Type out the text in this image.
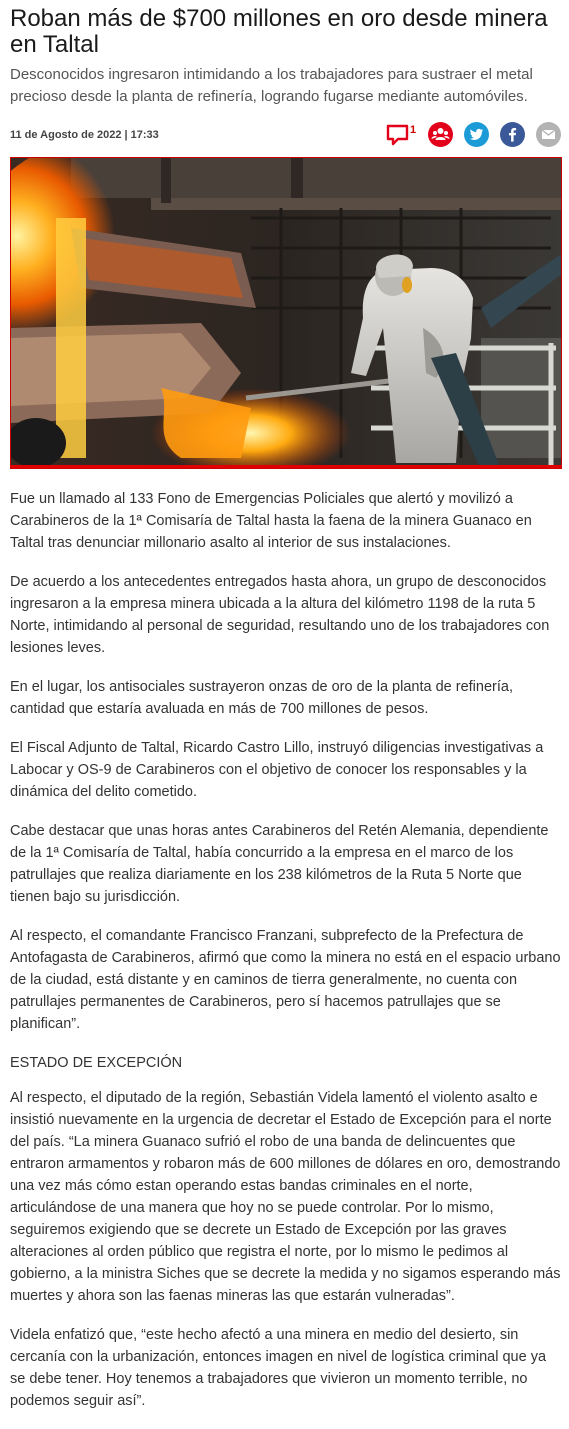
Roban más de $700 millones en oro desde minera en Taltal

Desconocidos ingresaron intimidando a los trabajadores para sustraer el metal precioso desde la planta de refinería, logrando fugarse mediante automóviles.

11 de Agosto de 2022 | 17:33	1

Fue un llamado al 133 Fono de Emergencias Policiales que alertó y movilizó a Carabineros de la 1ª Comisaría de Taltal hasta la faena de la minera Guanaco en Taltal tras denunciar millonario asalto al interior de sus instalaciones.

De acuerdo a los antecedentes entregados hasta ahora, un grupo de desconocidos ingresaron a la empresa minera ubicada a la altura del kilómetro 1198 de la ruta 5 Norte, intimidando al personal de seguridad, resultando uno de los trabajadores con lesiones leves.

En el lugar, los antisociales sustrayeron onzas de oro de la planta de refinería, cantidad que estaría avaluada en más de 700 millones de pesos.

El Fiscal Adjunto de Taltal, Ricardo Castro Lillo, instruyó diligencias investigativas a Labocar y OS-9 de Carabineros con el objetivo de conocer los responsables y la dinámica del delito cometido.

Cabe destacar que unas horas antes Carabineros del Retén Alemania, dependiente de la 1ª Comisaría de Taltal, había concurrido a la empresa en el marco de los patrullajes que realiza diariamente en los 238 kilómetros de la Ruta 5 Norte que tienen bajo su jurisdicción.

Al respecto, el comandante Francisco Franzani, subprefecto de la Prefectura de Antofagasta de Carabineros, afirmó que como la minera no está en el espacio urbano de la ciudad, está distante y en caminos de tierra generalmente, no cuenta con patrullajes permanentes de Carabineros, pero sí hacemos patrullajes que se planifican”.

ESTADO DE EXCEPCIÓN

Al respecto, el diputado de la región, Sebastián Videla lamentó el violento asalto e insistió nuevamente en la urgencia de decretar el Estado de Excepción para el norte del país. “La minera Guanaco sufrió el robo de una banda de delincuentes que entraron armamentos y robaron más de 600 millones de dólares en oro, demostrando una vez más cómo estan operando estas bandas criminales en el norte, articulándose de una manera que hoy no se puede controlar. Por lo mismo, seguiremos exigiendo que se decrete un Estado de Excepción por las graves alteraciones al orden público que registra el norte, por lo mismo le pedimos al gobierno, a la ministra Siches que se decrete la medida y no sigamos esperando más muertes y ahora son las faenas mineras las que estarán vulneradas”.

Videla enfatizó que, “este hecho afectó a una minera en medio del desierto, sin cercanía con la urbanización, entonces imagen en nivel de logística criminal que ya se debe tener. Hoy tenemos a trabajadores que vivieron un momento terrible, no podemos seguir así”.
